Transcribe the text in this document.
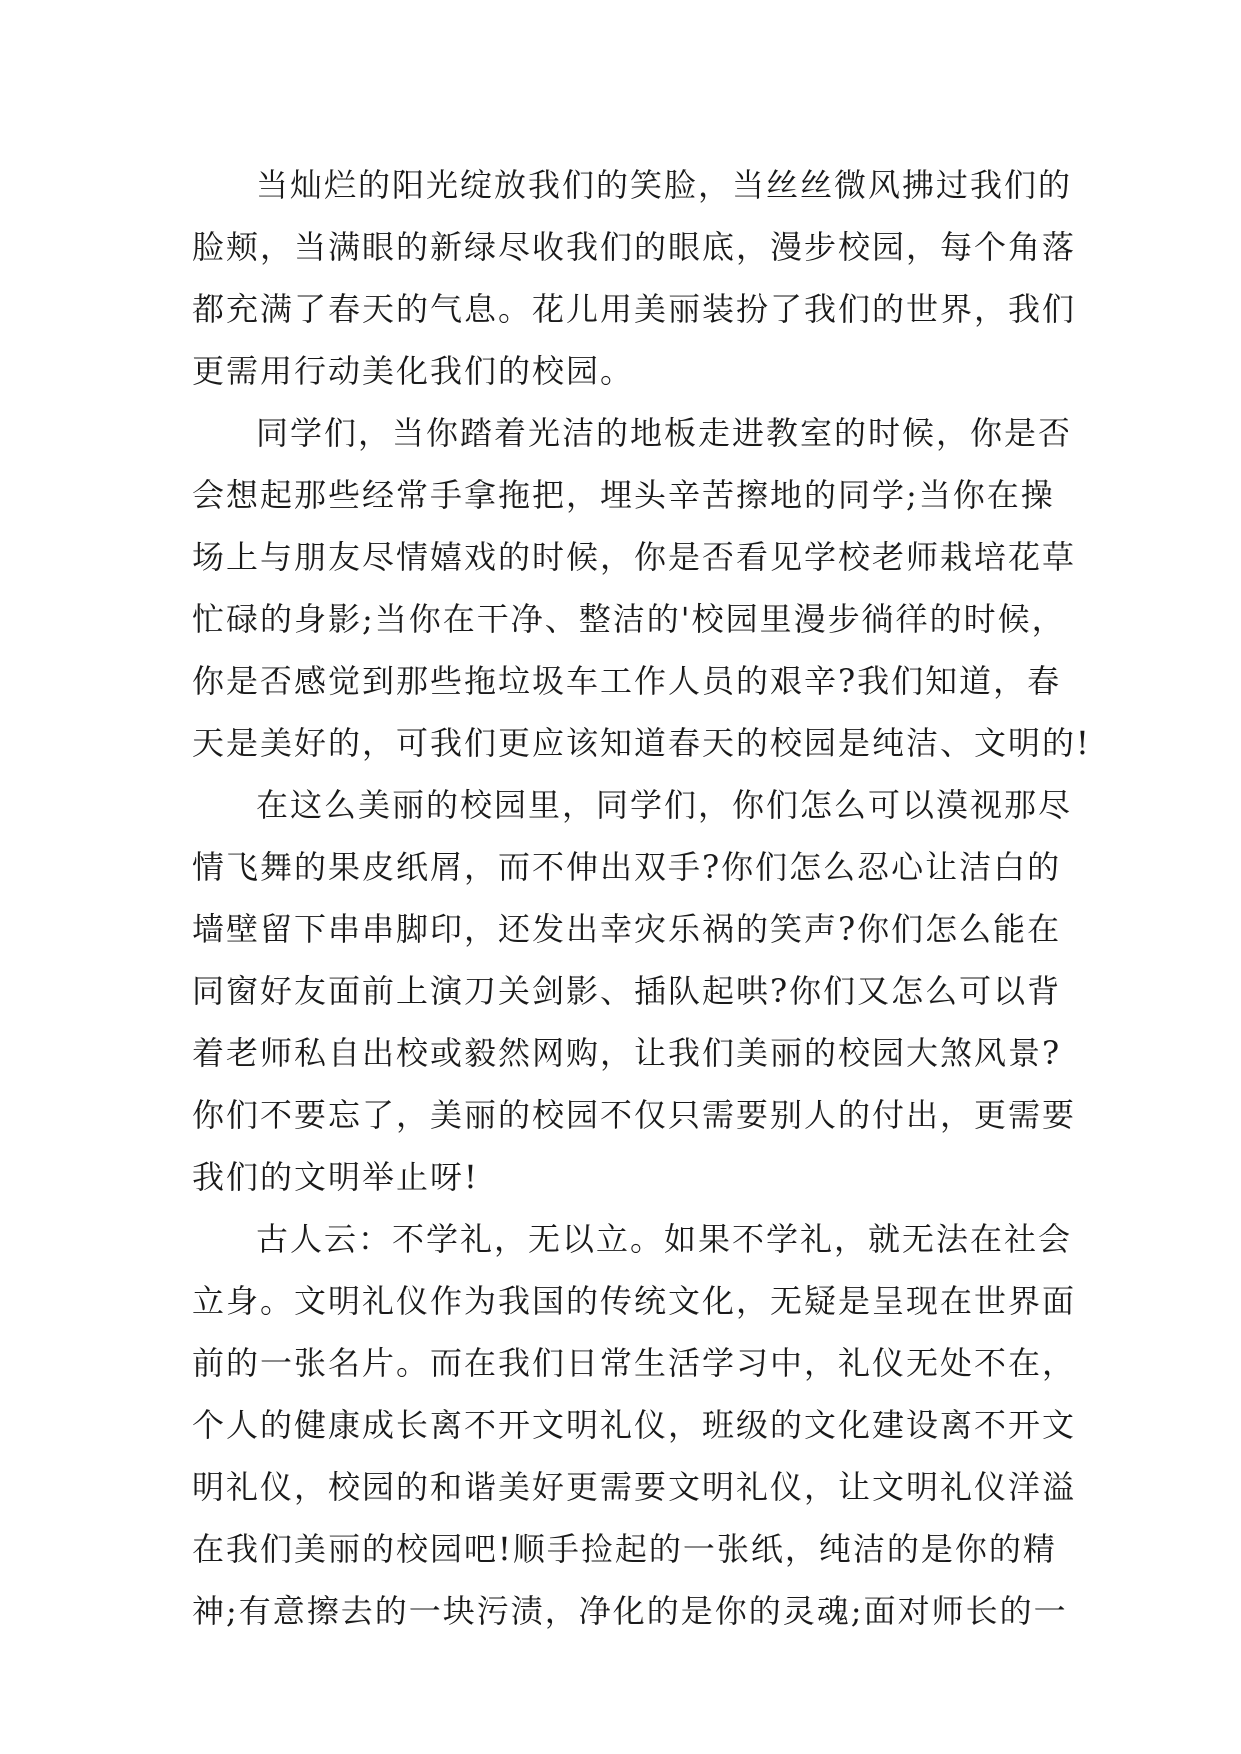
当灿烂的阳光绽放我们的笑脸，当丝丝微风拂过我们的
脸颊，当满眼的新绿尽收我们的眼底，漫步校园，每个角落
都充满了春天的气息。花儿用美丽装扮了我们的世界，我们
更需用行动美化我们的校园。
同学们，当你踏着光洁的地板走进教室的时候，你是否
会想起那些经常手拿拖把，埋头辛苦擦地的同学;当你在操
场上与朋友尽情嬉戏的时候，你是否看见学校老师栽培花草
忙碌的身影;当你在干净、整洁的'校园里漫步徜徉的时候，
你是否感觉到那些拖垃圾车工作人员的艰辛?我们知道，春
天是美好的，可我们更应该知道春天的校园是纯洁、文明的!
在这么美丽的校园里，同学们，你们怎么可以漠视那尽
情飞舞的果皮纸屑，而不伸出双手?你们怎么忍心让洁白的
墙壁留下串串脚印，还发出幸灾乐祸的笑声?你们怎么能在
同窗好友面前上演刀关剑影、插队起哄?你们又怎么可以背
着老师私自出校或毅然网购，让我们美丽的校园大煞风景?
你们不要忘了，美丽的校园不仅只需要别人的付出，更需要
我们的文明举止呀!
古人云：不学礼，无以立。如果不学礼，就无法在社会
立身。文明礼仪作为我国的传统文化，无疑是呈现在世界面
前的一张名片。而在我们日常生活学习中，礼仪无处不在，
个人的健康成长离不开文明礼仪，班级的文化建设离不开文
明礼仪，校园的和谐美好更需要文明礼仪，让文明礼仪洋溢
在我们美丽的校园吧!顺手捡起的一张纸，纯洁的是你的精
神;有意擦去的一块污渍，净化的是你的灵魂;面对师长的一
